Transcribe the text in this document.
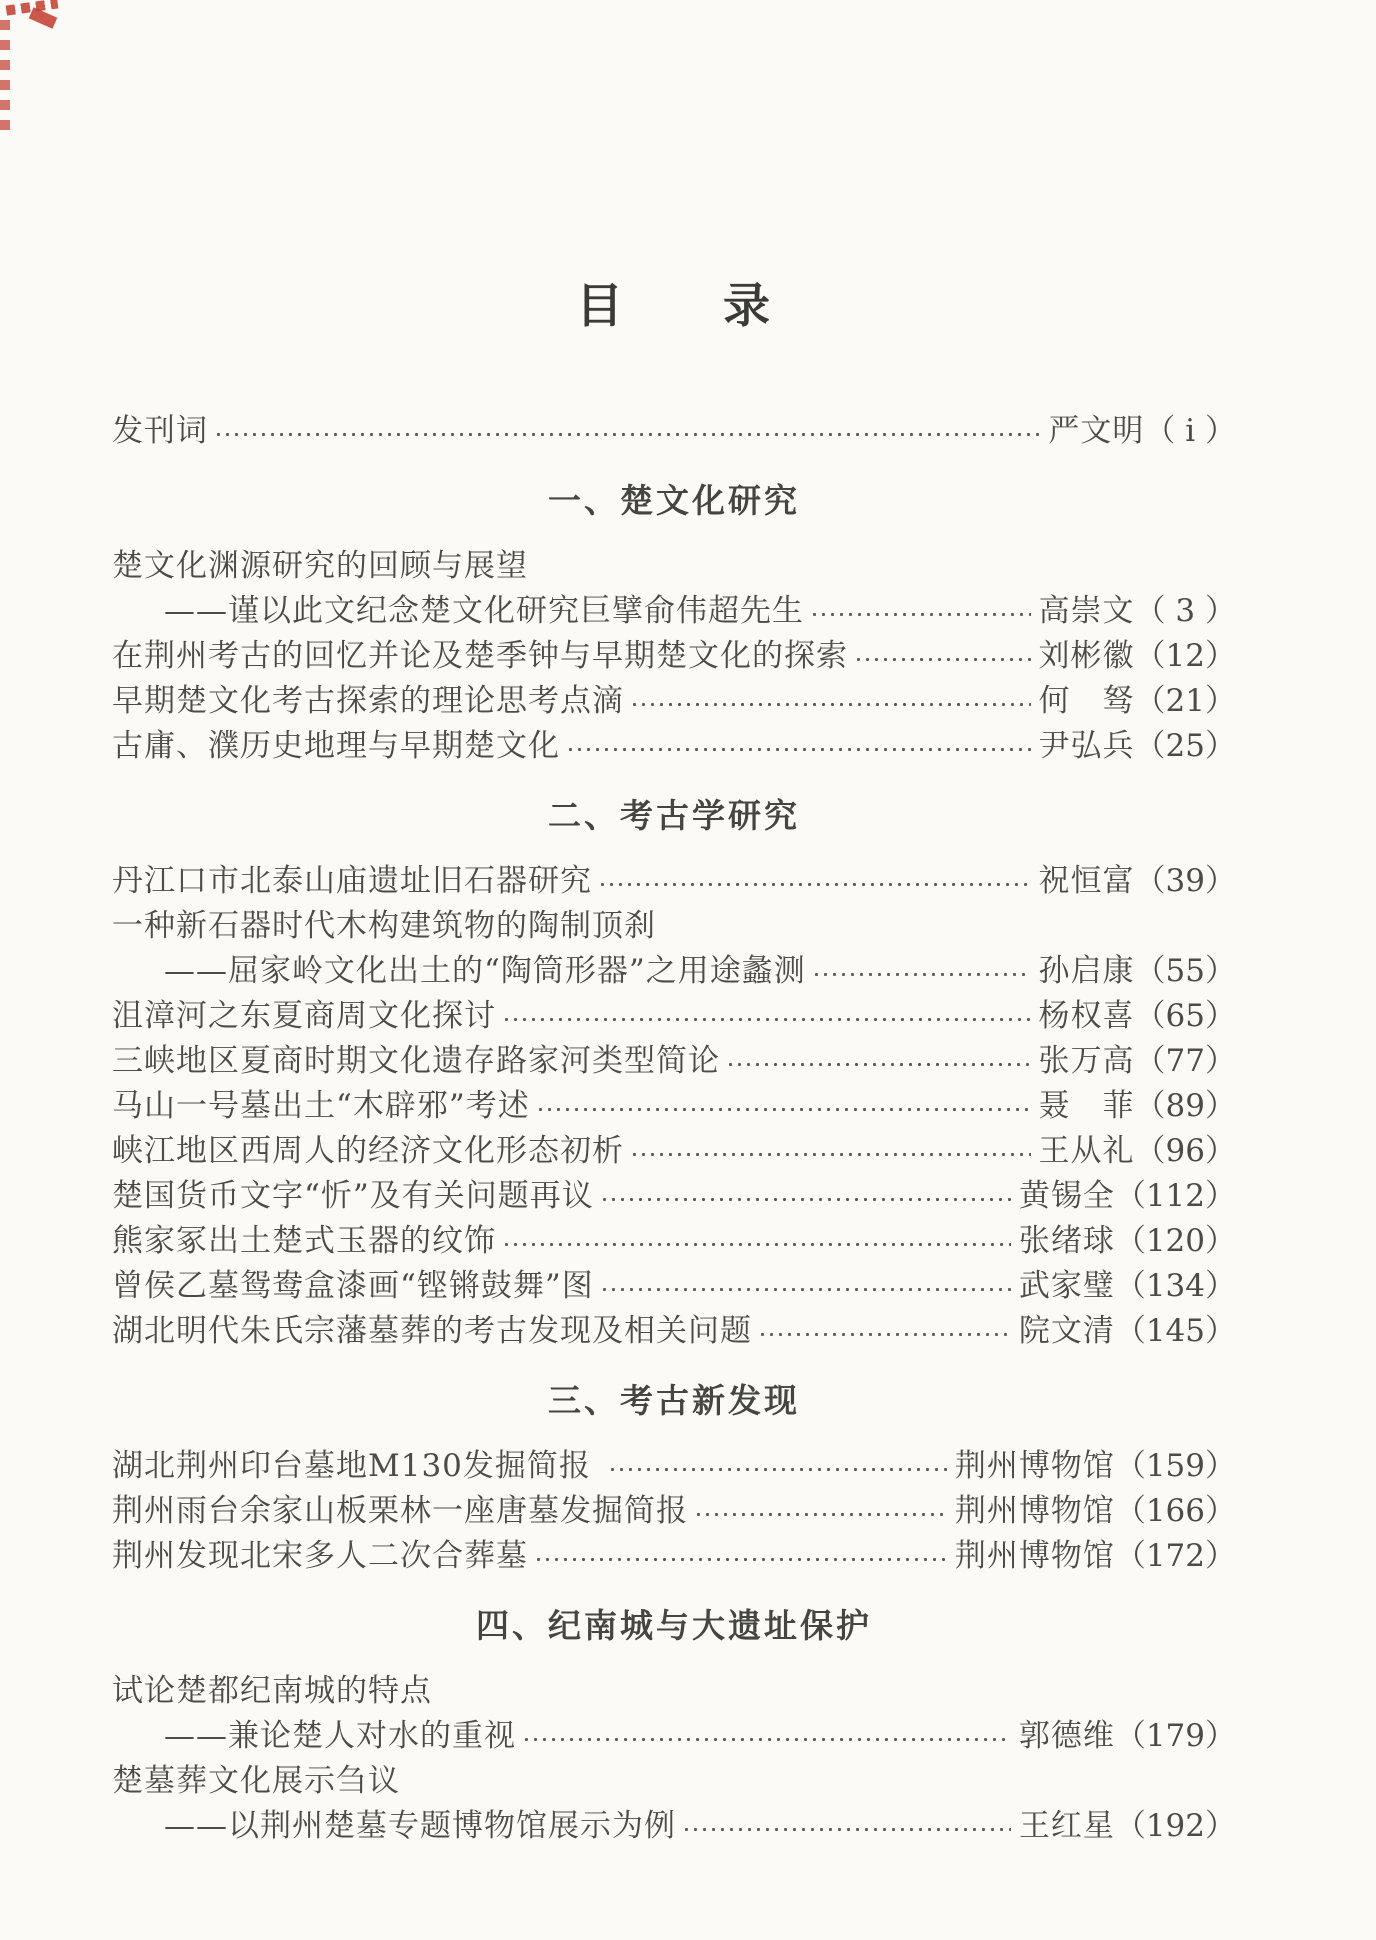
目　　录
发刊词	严文明 （ ⅰ ）
一、楚文化研究
楚文化渊源研究的回顾与展望
——谨以此文纪念楚文化研究巨擘俞伟超先生	高崇文 （ 3 ）
在荆州考古的回忆并论及楚季钟与早期楚文化的探索	刘彬徽 （12）
早期楚文化考古探索的理论思考点滴	何　驽 （21）
古庸、濮历史地理与早期楚文化	尹弘兵 （25）
二、考古学研究
丹江口市北泰山庙遗址旧石器研究	祝恒富 （39）
一种新石器时代木构建筑物的陶制顶刹
——屈家岭文化出土的“陶筒形器”之用途蠡测	孙启康 （55）
沮漳河之东夏商周文化探讨	杨权喜 （65）
三峡地区夏商时期文化遗存路家河类型简论	张万高 （77）
马山一号墓出土“木辟邪”考述	聂　菲 （89）
峡江地区西周人的经济文化形态初析	王从礼 （96）
楚国货币文字“忻”及有关问题再议	黄锡全 （112）
熊家冢出土楚式玉器的纹饰	张绪球 （120）
曾侯乙墓鸳鸯盒漆画“铿锵鼓舞”图	武家璧 （134）
湖北明代朱氏宗藩墓葬的考古发现及相关问题	院文清 （145）
三、考古新发现
湖北荆州印台墓地M130发掘简报	荆州博物馆 （159）
荆州雨台余家山板栗林一座唐墓发掘简报	荆州博物馆 （166）
荆州发现北宋多人二次合葬墓	荆州博物馆 （172）
四、纪南城与大遗址保护
试论楚都纪南城的特点
——兼论楚人对水的重视	郭德维 （179）
楚墓葬文化展示刍议
——以荆州楚墓专题博物馆展示为例	王红星 （192）
